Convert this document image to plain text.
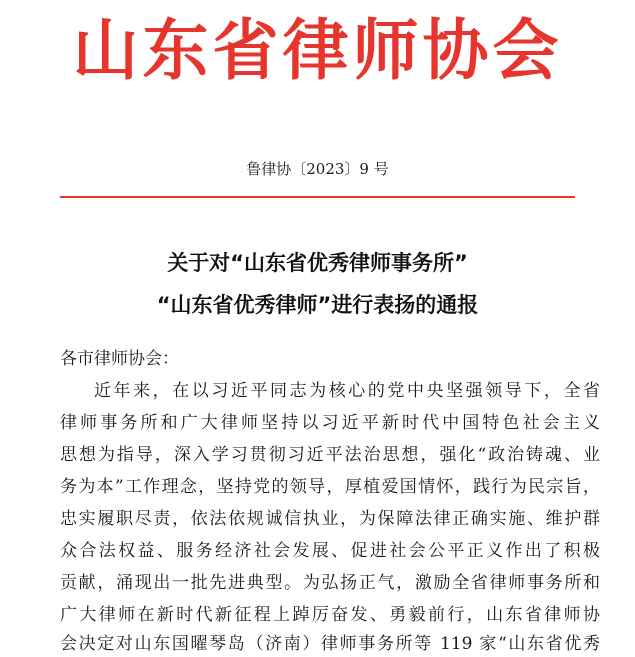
山东省律师协会
鲁律协〔2023〕9 号
关于对“山东省优秀律师事务所”
“山东省优秀律师”进行表扬的通报
各市律师协会：
近年来，在以习近平同志为核心的党中央坚强领导下，全省
律师事务所和广大律师坚持以习近平新时代中国特色社会主义
思想为指导，深入学习贯彻习近平法治思想，强化“政治铸魂、业
务为本”工作理念，坚持党的领导，厚植爱国情怀，践行为民宗旨，
忠实履职尽责，依法依规诚信执业，为保障法律正确实施、维护群
众合法权益、服务经济社会发展、促进社会公平正义作出了积极
贡献，涌现出一批先进典型。为弘扬正气，激励全省律师事务所和
广大律师在新时代新征程上踔厉奋发、勇毅前行，山东省律师协
会决定对山东国曜琴岛（济南）律师事务所等 119 家“山东省优秀
